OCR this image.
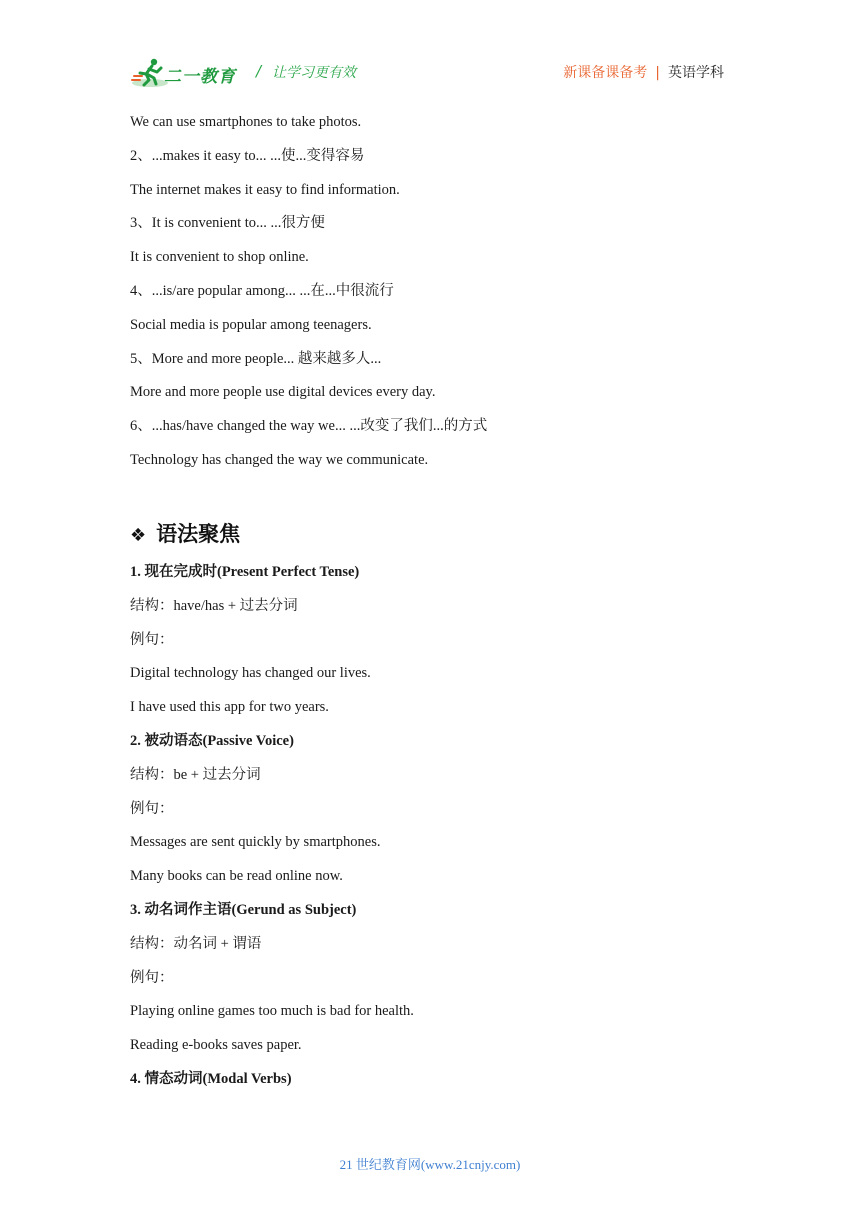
二一教育 / 让学习更有效	新课备课备考 | 英语学科
We can use smartphones to take photos.
2、...makes it easy to... ...使...变得容易
The internet makes it easy to find information.
3、It is convenient to... ...很方便
It is convenient to shop online.
4、...is/are popular among... ...在...中很流行
Social media is popular among teenagers.
5、More and more people... 越来越多人...
More and more people use digital devices every day.
6、...has/have changed the way we... ...改变了我们...的方式
Technology has changed the way we communicate.
❖ 语法聚焦
1. 现在完成时(Present Perfect Tense)
结构：have/has + 过去分词
例句：
Digital technology has changed our lives.
I have used this app for two years.
2. 被动语态(Passive Voice)
结构：be + 过去分词
例句：
Messages are sent quickly by smartphones.
Many books can be read online now.
3. 动名词作主语(Gerund as Subject)
结构：动名词 + 谓语
例句：
Playing online games too much is bad for health.
Reading e-books saves paper.
4. 情态动词(Modal Verbs)
21 世纪教育网(www.21cnjy.com)
